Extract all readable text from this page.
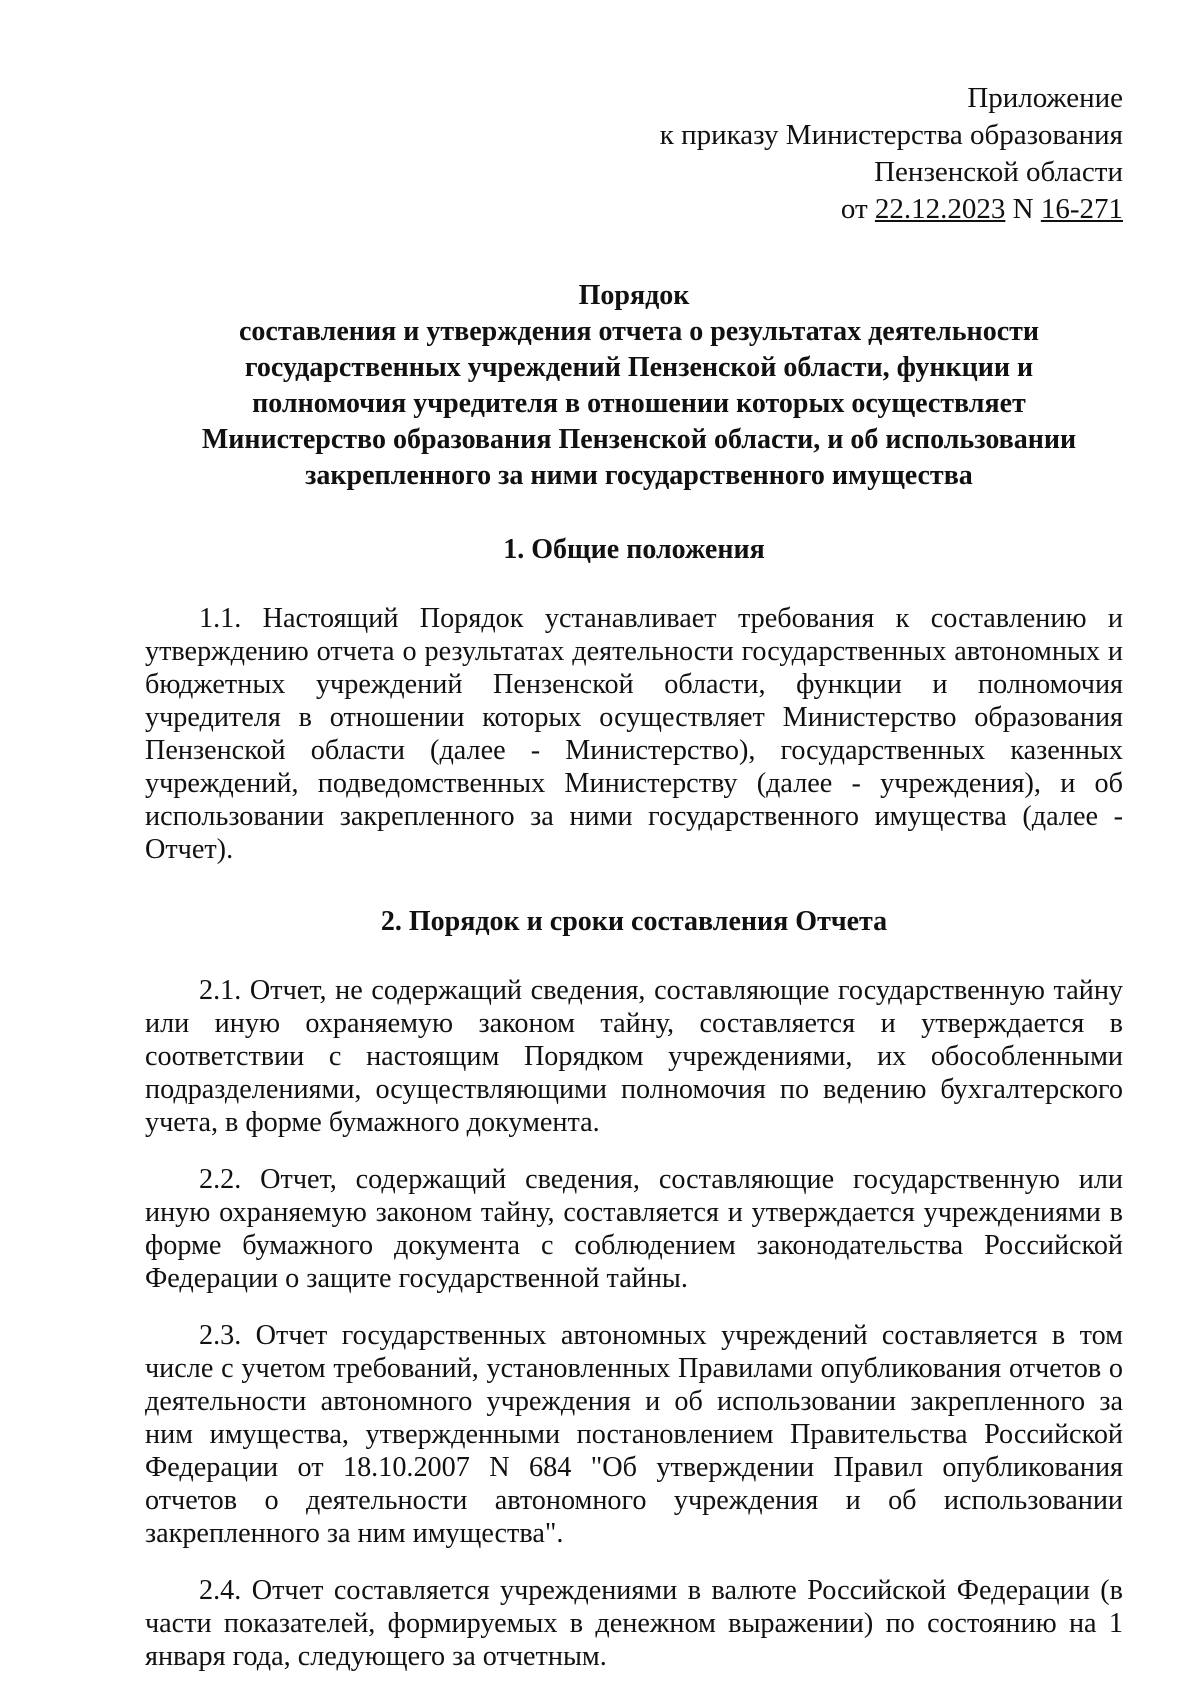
Приложение
к приказу Министерства образования
Пензенской области
от 22.12.2023 N 16-271
Порядок
составления и утверждения отчета о результатах деятельности государственных учреждений Пензенской области, функции и полномочия учредителя в отношении которых осуществляет Министерство образования Пензенской области, и об использовании закрепленного за ними государственного имущества
1. Общие положения

1.1. Настоящий Порядок устанавливает требования к составлению и утверждению отчета о результатах деятельности государственных автономных и бюджетных учреждений Пензенской области, функции и полномочия учредителя в отношении которых осуществляет Министерство образования Пензенской области (далее - Министерство), государственных казенных учреждений, подведомственных Министерству (далее - учреждения), и об использовании закрепленного за ними государственного имущества (далее - Отчет).

2. Порядок и сроки составления Отчета

2.1. Отчет, не содержащий сведения, составляющие государственную тайну или иную охраняемую законом тайну, составляется и утверждается в соответствии с настоящим Порядком учреждениями, их обособленными подразделениями, осуществляющими полномочия по ведению бухгалтерского учета, в форме бумажного документа.

2.2. Отчет, содержащий сведения, составляющие государственную или иную охраняемую законом тайну, составляется и утверждается учреждениями в форме бумажного документа с соблюдением законодательства Российской Федерации о защите государственной тайны.

2.3. Отчет государственных автономных учреждений составляется в том числе с учетом требований, установленных Правилами опубликования отчетов о деятельности автономного учреждения и об использовании закрепленного за ним имущества, утвержденными постановлением Правительства Российской Федерации от 18.10.2007 N 684 "Об утверждении Правил опубликования отчетов о деятельности автономного учреждения и об использовании закрепленного за ним имущества".

2.4. Отчет составляется учреждениями в валюте Российской Федерации (в части показателей, формируемых в денежном выражении) по состоянию на 1 января года, следующего за отчетным.
